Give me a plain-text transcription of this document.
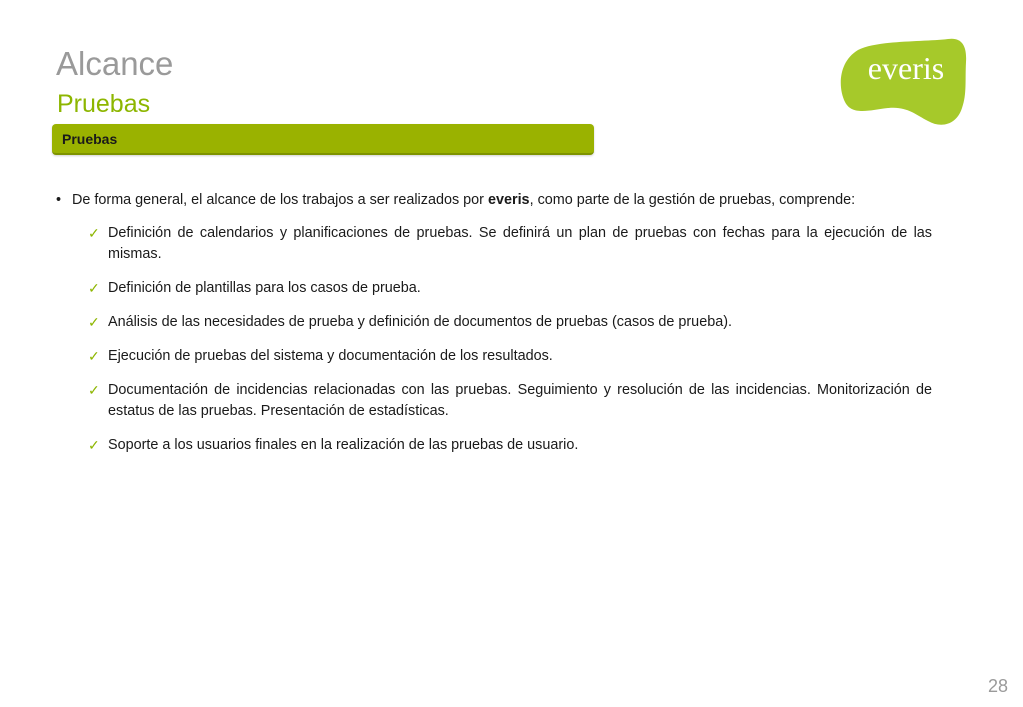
Alcance
Pruebas
everis
Pruebas
• De forma general, el alcance de los trabajos a ser realizados por everis, como parte de la gestión de pruebas, comprende:
✓ Definición de calendarios y planificaciones de pruebas. Se definirá un plan de pruebas con fechas para la ejecución de las mismas.
✓ Definición de plantillas para los casos de prueba.
✓ Análisis de las necesidades de prueba y definición de documentos de pruebas (casos de prueba).
✓ Ejecución de pruebas del sistema y documentación de los resultados.
✓ Documentación de incidencias relacionadas con las pruebas. Seguimiento y resolución de las incidencias. Monitorización de estatus de las pruebas. Presentación de estadísticas.
✓ Soporte a los usuarios finales en la realización de las pruebas de usuario.
28
